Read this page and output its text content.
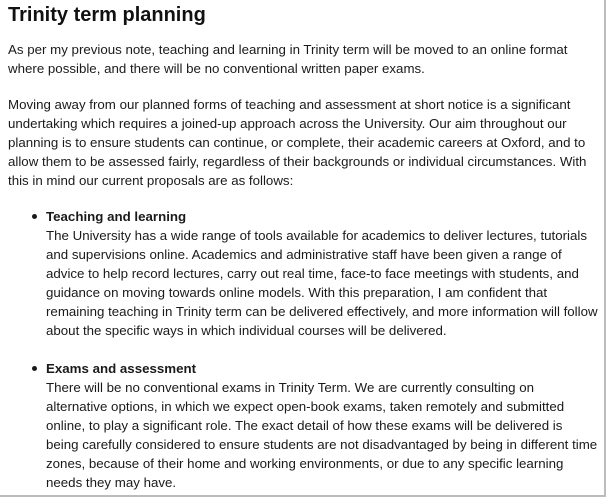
Trinity term planning

As per my previous note, teaching and learning in Trinity term will be moved to an online format where possible, and there will be no conventional written paper exams.

Moving away from our planned forms of teaching and assessment at short notice is a significant undertaking which requires a joined-up approach across the University. Our aim throughout our planning is to ensure students can continue, or complete, their academic careers at Oxford, and to allow them to be assessed fairly, regardless of their backgrounds or individual circumstances. With this in mind our current proposals are as follows:

Teaching and learning
The University has a wide range of tools available for academics to deliver lectures, tutorials and supervisions online. Academics and administrative staff have been given a range of advice to help record lectures, carry out real time, face-to face meetings with students, and guidance on moving towards online models. With this preparation, I am confident that remaining teaching in Trinity term can be delivered effectively, and more information will follow about the specific ways in which individual courses will be delivered.
Exams and assessment
There will be no conventional exams in Trinity Term. We are currently consulting on alternative options, in which we expect open-book exams, taken remotely and submitted online, to play a significant role. The exact detail of how these exams will be delivered is being carefully considered to ensure students are not disadvantaged by being in different time zones, because of their home and working environments, or due to any specific learning needs they may have.
